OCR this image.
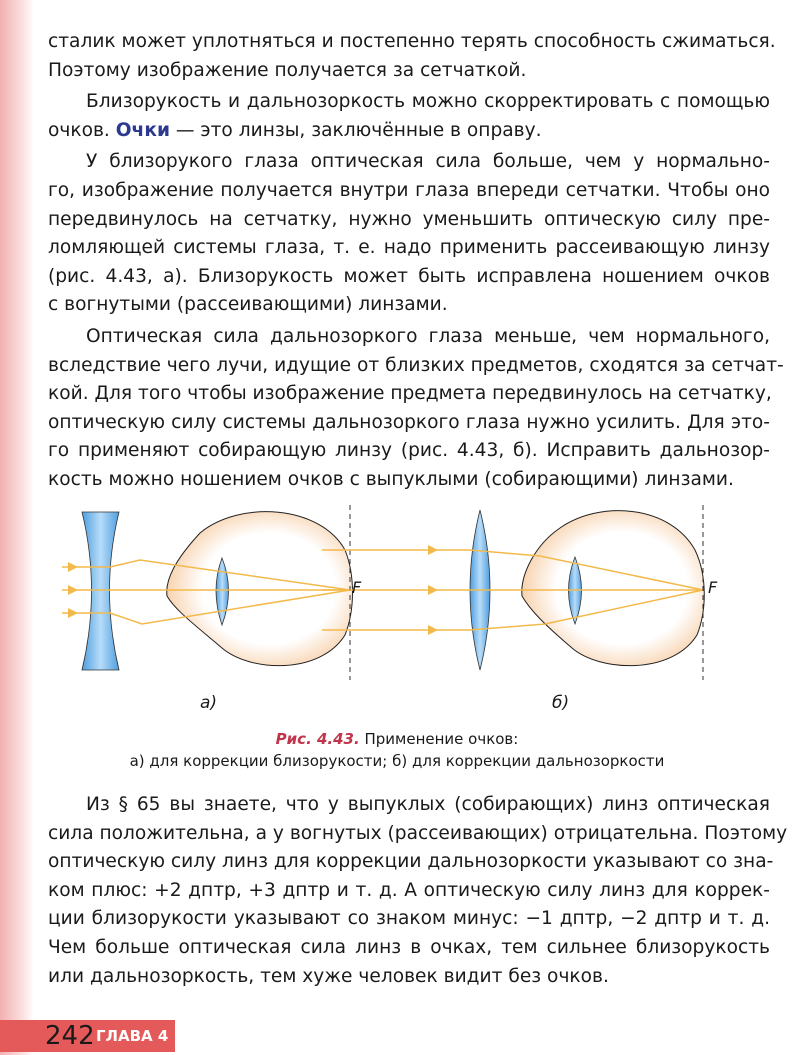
сталик может уплотняться и постепенно терять способность сжиматься.
Поэтому изображение получается за сетчаткой.
Близорукость и дальнозоркость можно скорректировать с помощью
очков. Очки — это линзы, заключённые в оправу.
У близорукого глаза оптическая сила больше, чем у нормально-
го, изображение получается внутри глаза впереди сетчатки. Чтобы оно
передвинулось на сетчатку, нужно уменьшить оптическую силу пре-
ломляющей системы глаза, т. е. надо применить рассеивающую линзу
(рис. 4.43, а). Близорукость может быть исправлена ношением очков
с вогнутыми (рассеивающими) линзами.
Оптическая сила дальнозоркого глаза меньше, чем нормального,
вследствие чего лучи, идущие от близких предметов, сходятся за сетчат-
кой. Для того чтобы изображение предмета передвинулось на сетчатку,
оптическую силу системы дальнозоркого глаза нужно усилить. Для это-
го применяют собирающую линзу (рис. 4.43, б). Исправить дальнозор-
кость можно ношением очков с выпуклыми (собирающими) линзами.
F	F
а)	б)
Рис. 4.43. Применение очков:
а) для коррекции близорукости; б) для коррекции дальнозоркости
Из § 65 вы знаете, что у выпуклых (собирающих) линз оптическая
сила положительна, а у вогнутых (рассеивающих) отрицательна. Поэтому
оптическую силу линз для коррекции дальнозоркости указывают со зна-
ком плюс: +2 дптр, +3 дптр и т. д. А оптическую силу линз для коррек-
ции близорукости указывают со знаком минус: −1 дптр, −2 дптр и т. д.
Чем больше оптическая сила линз в очках, тем сильнее близорукость
или дальнозоркость, тем хуже человек видит без очков.
242 ГЛАВА 4
